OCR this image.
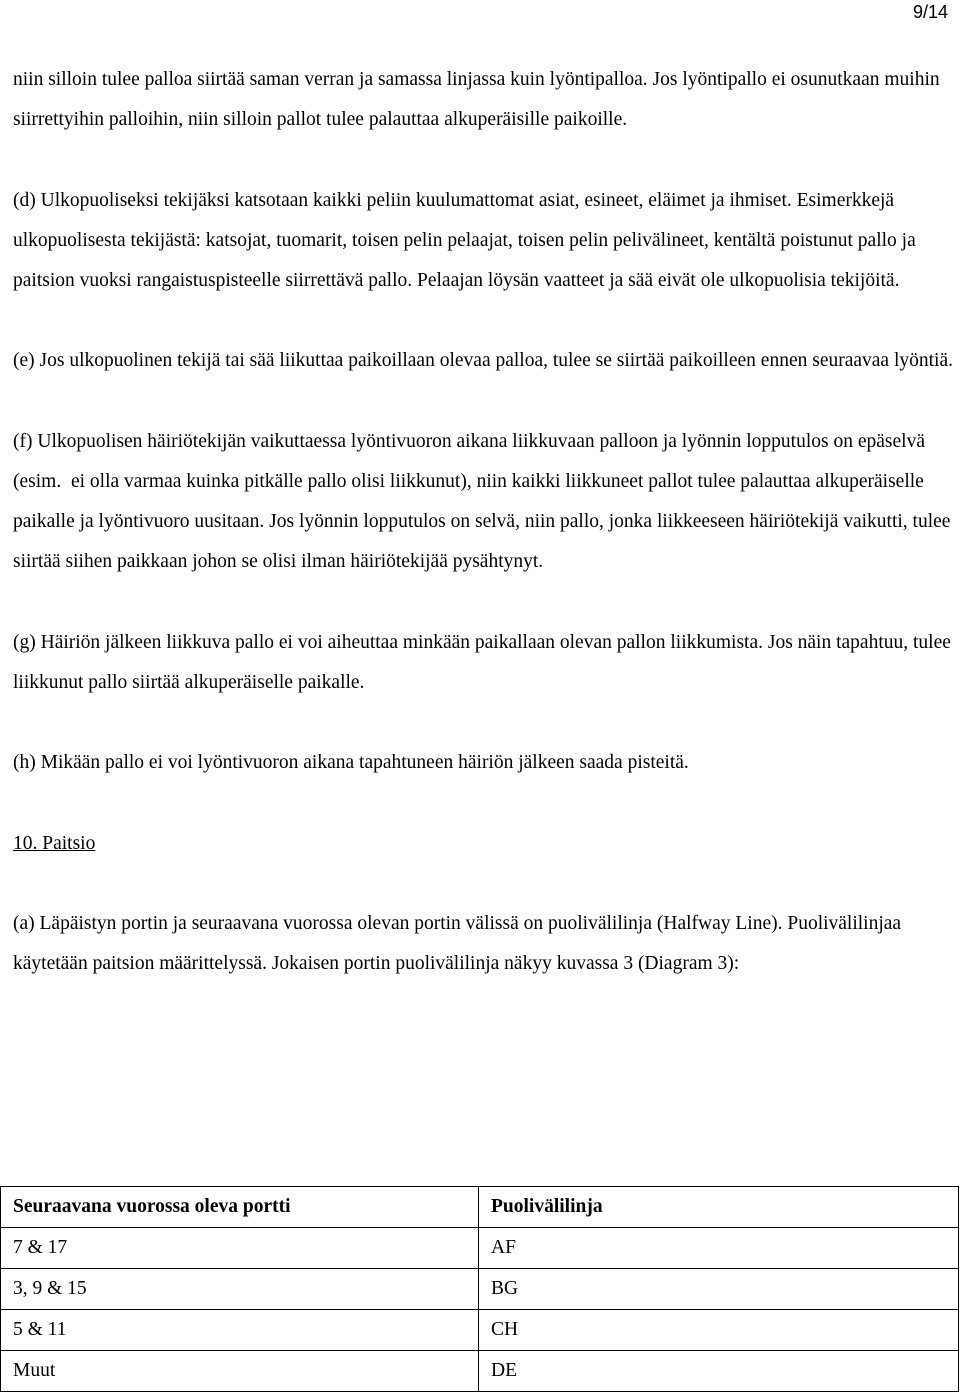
9/14

niin silloin tulee palloa siirtää saman verran ja samassa linjassa kuin lyöntipalloa. Jos lyöntipallo ei osunutkaan muihin siirrettyihin palloihin, niin silloin pallot tulee palauttaa alkuperäisille paikoille.

(d) Ulkopuoliseksi tekijäksi katsotaan kaikki peliin kuulumattomat asiat, esineet, eläimet ja ihmiset. Esimerkkejä ulkopuolisesta tekijästä: katsojat, tuomarit, toisen pelin pelaajat, toisen pelin pelivälineet, kentältä poistunut pallo ja paitsion vuoksi rangaistuspisteelle siirrettävä pallo. Pelaajan löysän vaatteet ja sää eivät ole ulkopuolisia tekijöitä.

(e) Jos ulkopuolinen tekijä tai sää liikuttaa paikoillaan olevaa palloa, tulee se siirtää paikoilleen ennen seuraavaa lyöntiä.

(f) Ulkopuolisen häiriötekijän vaikuttaessa lyöntivuoron aikana liikkuvaan palloon ja lyönnin lopputulos on epäselvä (esim.  ei olla varmaa kuinka pitkälle pallo olisi liikkunut), niin kaikki liikkuneet pallot tulee palauttaa alkuperäiselle paikalle ja lyöntivuoro uusitaan. Jos lyönnin lopputulos on selvä, niin pallo, jonka liikkeeseen häiriötekijä vaikutti, tulee siirtää siihen paikkaan johon se olisi ilman häiriötekijää pysähtynyt.

(g) Häiriön jälkeen liikkuva pallo ei voi aiheuttaa minkään paikallaan olevan pallon liikkumista. Jos näin tapahtuu, tulee liikkunut pallo siirtää alkuperäiselle paikalle.

(h) Mikään pallo ei voi lyöntivuoron aikana tapahtuneen häiriön jälkeen saada pisteitä.

10. Paitsio

(a) Läpäistyn portin ja seuraavana vuorossa olevan portin välissä on puolivälilinja (Halfway Line). Puolivälilinjaa käytetään paitsion määrittelyssä. Jokaisen portin puolivälilinja näkyy kuvassa 3 (Diagram 3):

Seuraavana vuorossa oleva portti	Puolivälilinja
7 & 17	AF
3, 9 & 15	BG
5 & 11	CH
Muut	DE
